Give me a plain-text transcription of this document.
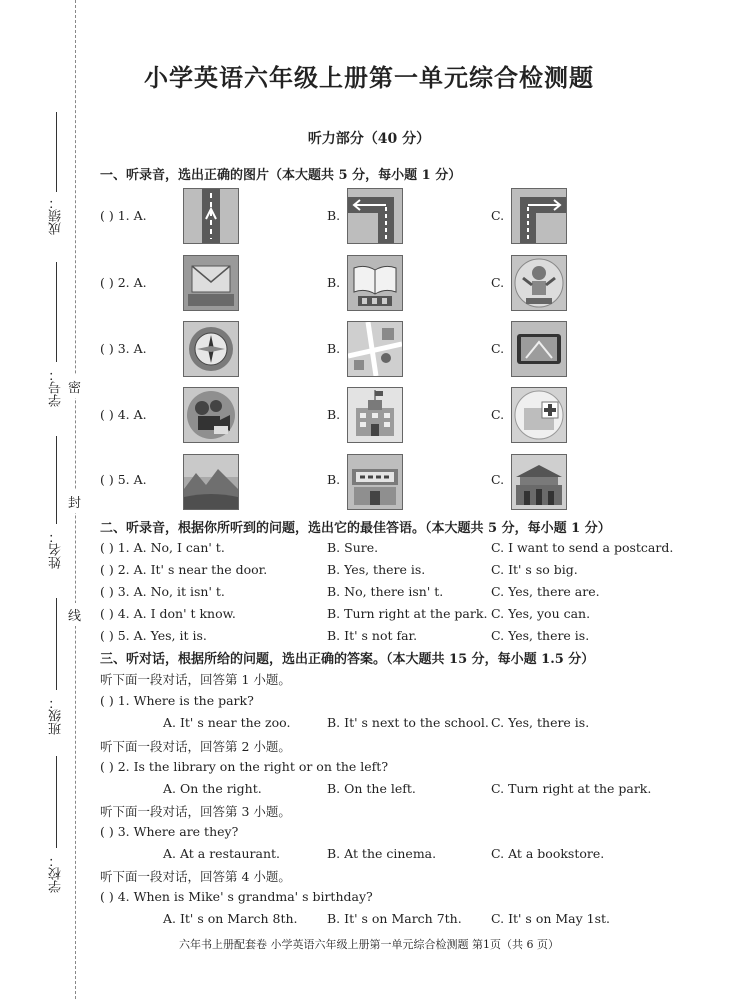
成绩：
学号：
姓名：
班级：
学校：
密
封
线
小学英语六年级上册第一单元综合检测题
听力部分（40 分）
一、听录音，选出正确的图片（本大题共 5 分，每小题 1 分）
( ) 1. A.	B.	C.
( ) 2. A.	B.	C.
( ) 3. A.	B.	C.
( ) 4. A.	B.	C.
( ) 5. A.	B.	C.
二、听录音，根据你所听到的问题，选出它的最佳答语。（本大题共 5 分，每小题 1 分）
( ) 1. A. No, I can' t.	B. Sure.	C. I want to send a postcard.
( ) 2. A. It' s near the door.	B. Yes, there is.	C. It' s so big.
( ) 3. A. No, it isn' t.	B. No, there isn' t.	C. Yes, there are.
( ) 4. A. I don' t know.	B. Turn right at the park. C. Yes, you can.
( ) 5. A. Yes, it is.	B. It' s not far.	C. Yes, there is.
三、听对话，根据所给的问题，选出正确的答案。（本大题共 15 分，每小题 1.5 分）
听下面一段对话，回答第 1 小题。
( ) 1. Where is the park?
A. It' s near the zoo.	B. It' s next to the school. C. Yes, there is.
听下面一段对话，回答第 2 小题。
( ) 2. Is the library on the right or on the left?
A. On the right.	B. On the left.	C. Turn right at the park.
听下面一段对话，回答第 3 小题。
( ) 3. Where are they?
A. At a restaurant.	B. At the cinema.	C. At a bookstore.
听下面一段对话，回答第 4 小题。
( ) 4. When is Mike' s grandma' s birthday?
A. It' s on March 8th. B. It' s on March 7th. C. It' s on May 1st.
六年书上册配套卷 小学英语六年级上册第一单元综合检测题 第1页（共 6 页）
